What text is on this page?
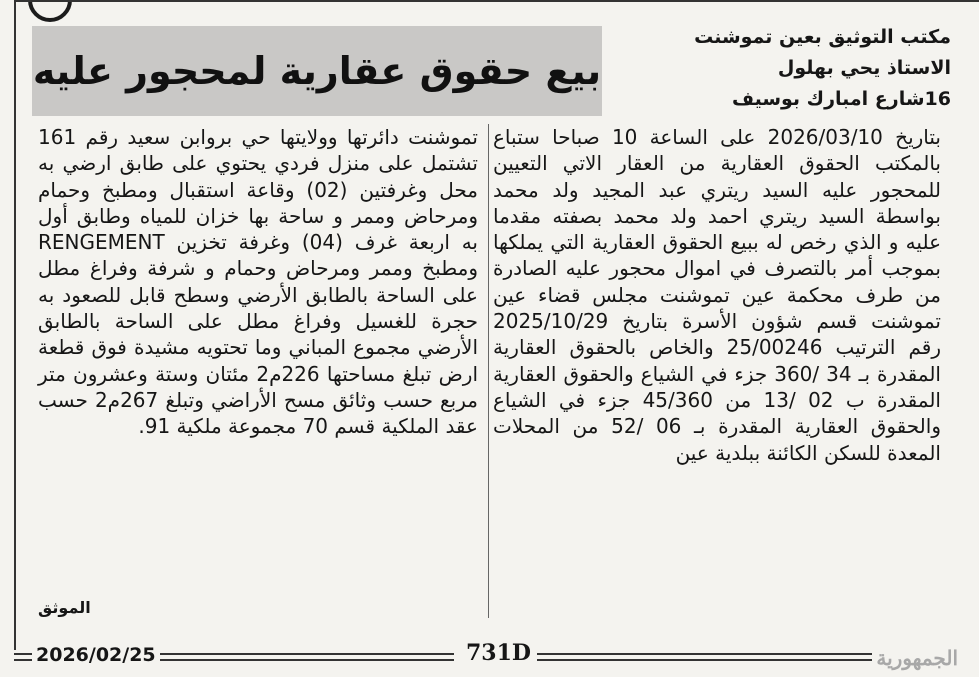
مكتب التوثيق بعين تموشنت
الاستاذ يحي بهلول
16شارع امبارك بوسيف
بيع حقوق عقارية لمحجور عليه

بتاريخ 2026/03/10 على الساعة 10 صباحا ستباع بالمكتب الحقوق العقارية من العقار الاتي التعيين للمحجور عليه السيد ريتري عبد المجيد ولد محمد بواسطة السيد ريتري احمد ولد محمد بصفته مقدما عليه و الذي رخص له ببيع الحقوق العقارية التي يملكها بموجب أمر بالتصرف في اموال محجور عليه الصادرة من طرف محكمة عين تموشنت مجلس قضاء عين تموشنت قسم شؤون الأسرة بتاريخ 2025/10/29 رقم الترتيب 25/00246 والخاص بالحقوق العقارية المقدرة بـ 34 /360 جزء في الشياع والحقوق العقارية المقدرة ب 02 /13 من 45/360 جزء في الشياع والحقوق العقارية المقدرة بـ 06 /52 من المحلات المعدة للسكن الكائنة ببلدية عين

تموشنت دائرتها وولايتها حي بروابن سعيد رقم 161 تشتمل على منزل فردي يحتوي على طابق ارضي به محل وغرفتين (02) وقاعة استقبال ومطبخ وحمام ومرحاض وممر و ساحة بها خزان للمياه وطابق أول به اربعة غرف (04) وغرفة تخزين RENGEMENT ومطبخ وممر ومرحاض وحمام و شرفة وفراغ مطل على الساحة بالطابق الأرضي وسطح قابل للصعود به حجرة للغسيل وفراغ مطل على الساحة بالطابق الأرضي مجموع المباني وما تحتويه مشيدة فوق قطعة ارض تبلغ مساحتها 226م2 مئتان وستة وعشرون متر مربع حسب وثائق مسح الأراضي وتبلغ 267م2 حسب عقد الملكية قسم 70 مجموعة ملكية 91.

الموثق
2026/02/25	731D	الجمهورية
